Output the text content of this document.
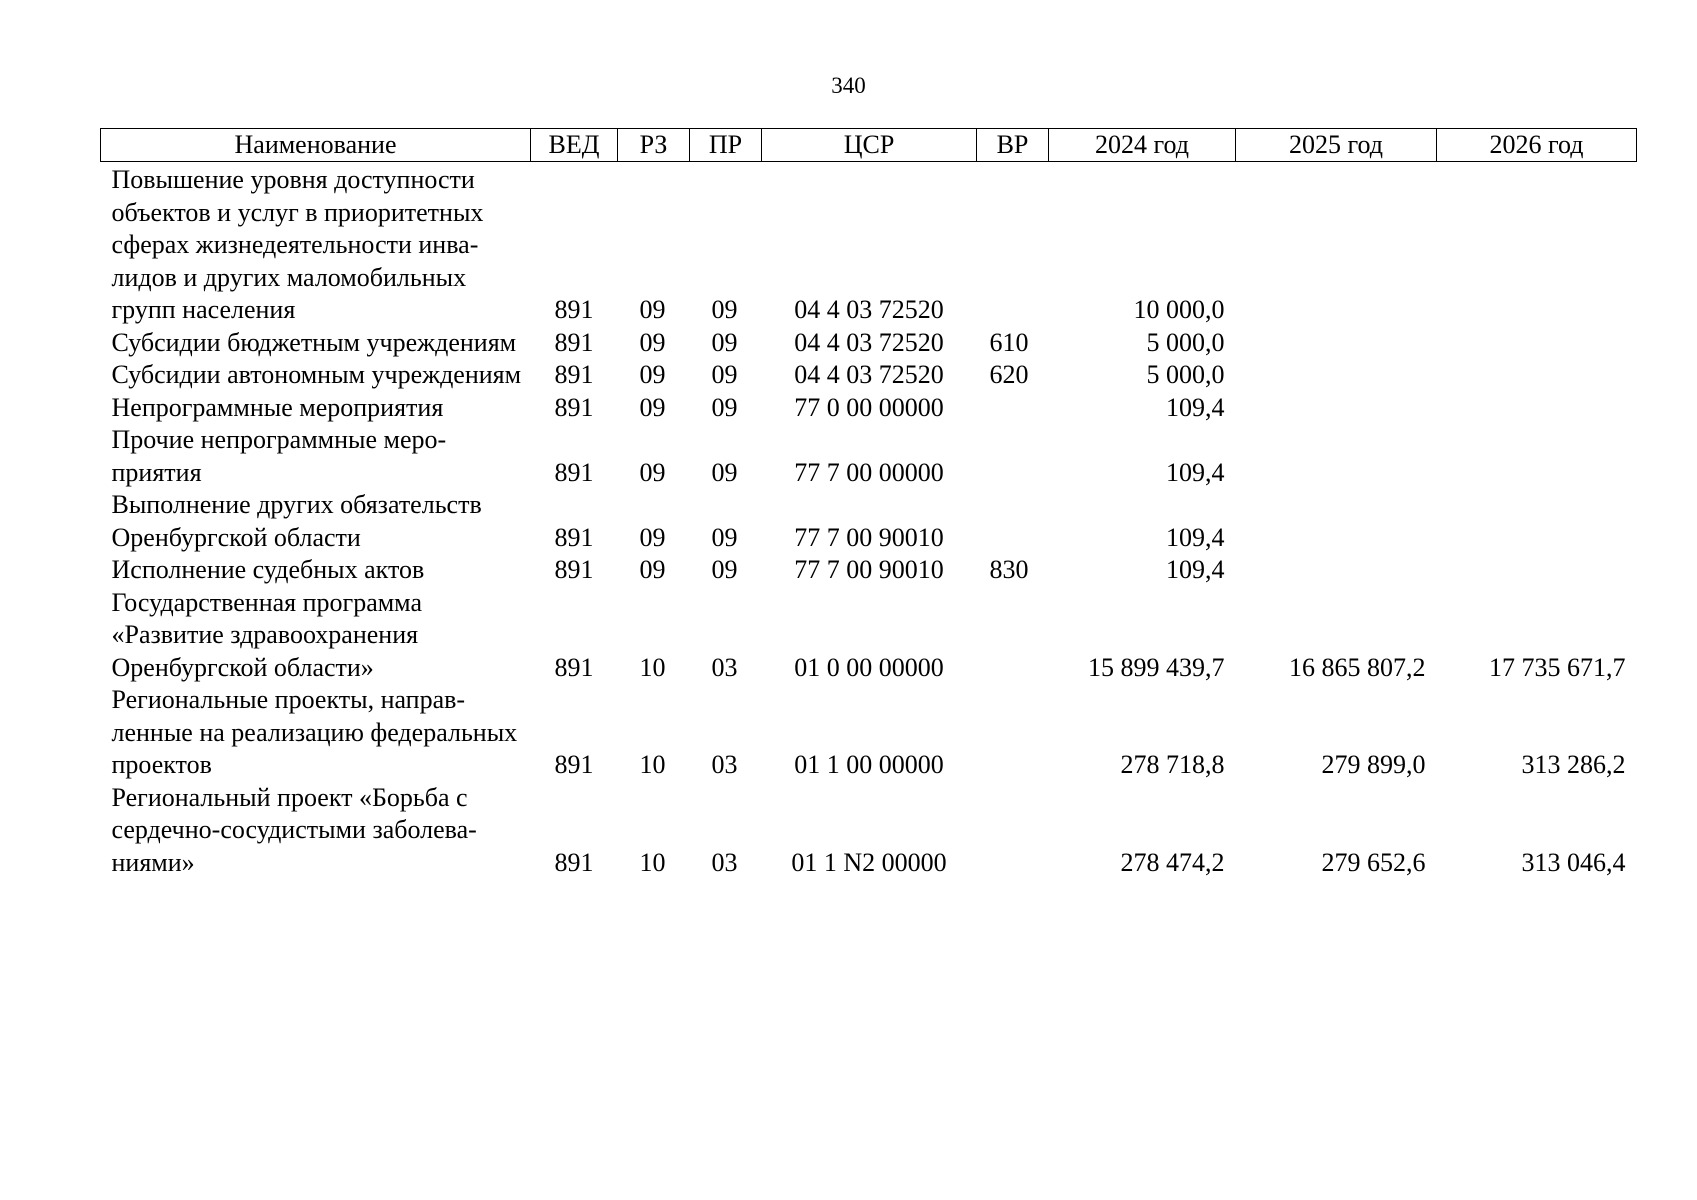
340
Наименование	ВЕД	РЗ	ПР	ЦСР	ВР	2024 год	2025 год	2026 год
Повышение уровня доступности объектов и услуг в приоритетных сферах жизнедеятельности инвалидов и других маломобильных групп населения	891	09	09	04 4 03 72520		10 000,0		
Субсидии бюджетным учреждениям	891	09	09	04 4 03 72520	610	5 000,0		
Субсидии автономным учреждениям	891	09	09	04 4 03 72520	620	5 000,0		
Непрограммные мероприятия	891	09	09	77 0 00 00000		109,4		
Прочие непрограммные мероприятия	891	09	09	77 7 00 00000		109,4		
Выполнение других обязательств Оренбургской области	891	09	09	77 7 00 90010		109,4		
Исполнение судебных актов	891	09	09	77 7 00 90010	830	109,4		
Государственная программа «Развитие здравоохранения Оренбургской области»	891	10	03	01 0 00 00000		15 899 439,7	16 865 807,2	17 735 671,7
Региональные проекты, направленные на реализацию федеральных проектов	891	10	03	01 1 00 00000		278 718,8	279 899,0	313 286,2
Региональный проект «Борьба с сердечно-сосудистыми заболеваниями»	891	10	03	01 1 N2 00000		278 474,2	279 652,6	313 046,4
